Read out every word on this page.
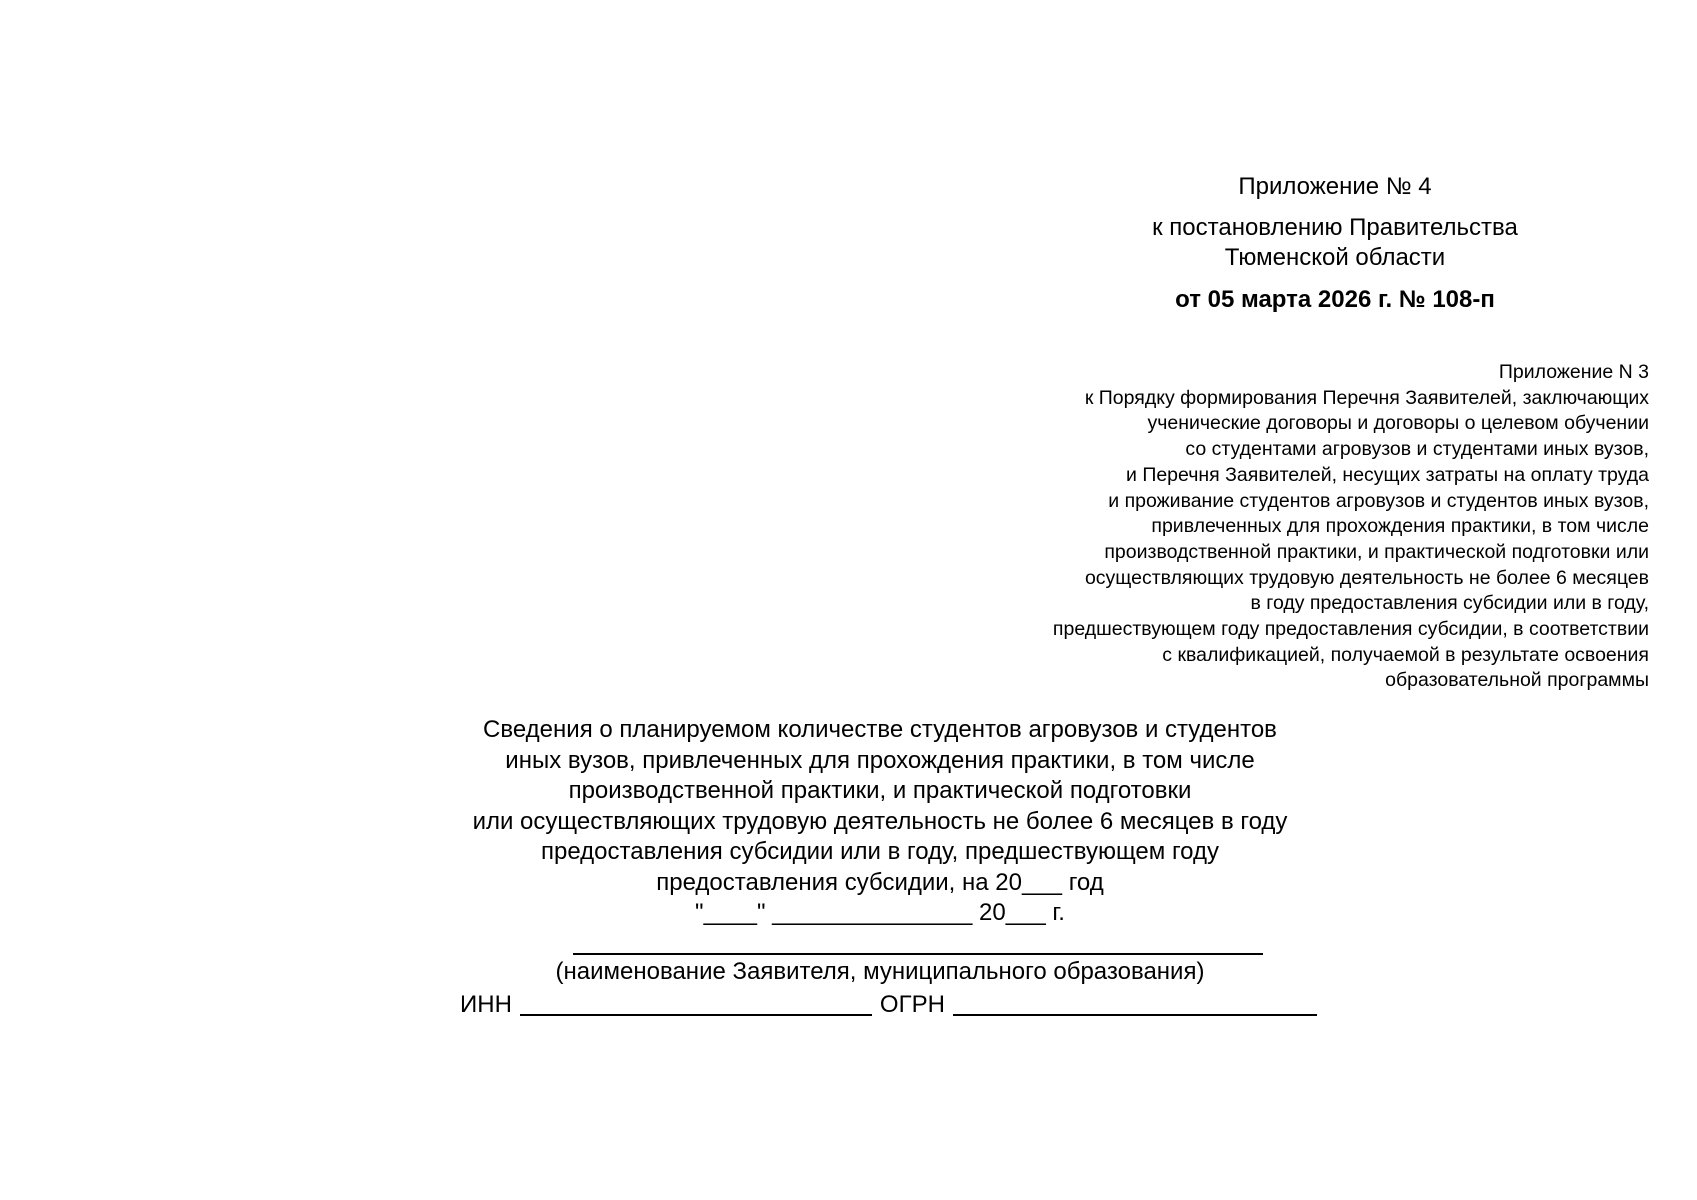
Приложение № 4
к постановлению Правительства
Тюменской области
от 05 марта 2026 г. № 108-п
Приложение N 3
к Порядку формирования Перечня Заявителей, заключающих
ученические договоры и договоры о целевом обучении
со студентами агровузов и студентами иных вузов,
и Перечня Заявителей, несущих затраты на оплату труда
и проживание студентов агровузов и студентов иных вузов,
привлеченных для прохождения практики, в том числе
производственной практики, и практической подготовки или
осуществляющих трудовую деятельность не более 6 месяцев
в году предоставления субсидии или в году,
предшествующем году предоставления субсидии, в соответствии
с квалификацией, получаемой в результате освоения
образовательной программы
Сведения о планируемом количестве студентов агровузов и студентов
иных вузов, привлеченных для прохождения практики, в том числе
производственной практики, и практической подготовки
или осуществляющих трудовую деятельность не более 6 месяцев в году
предоставления субсидии или в году, предшествующем году
предоставления субсидии, на 20___ год
"____" _______________ 20___ г.
(наименование Заявителя, муниципального образования)
ИНН	ОГРН
